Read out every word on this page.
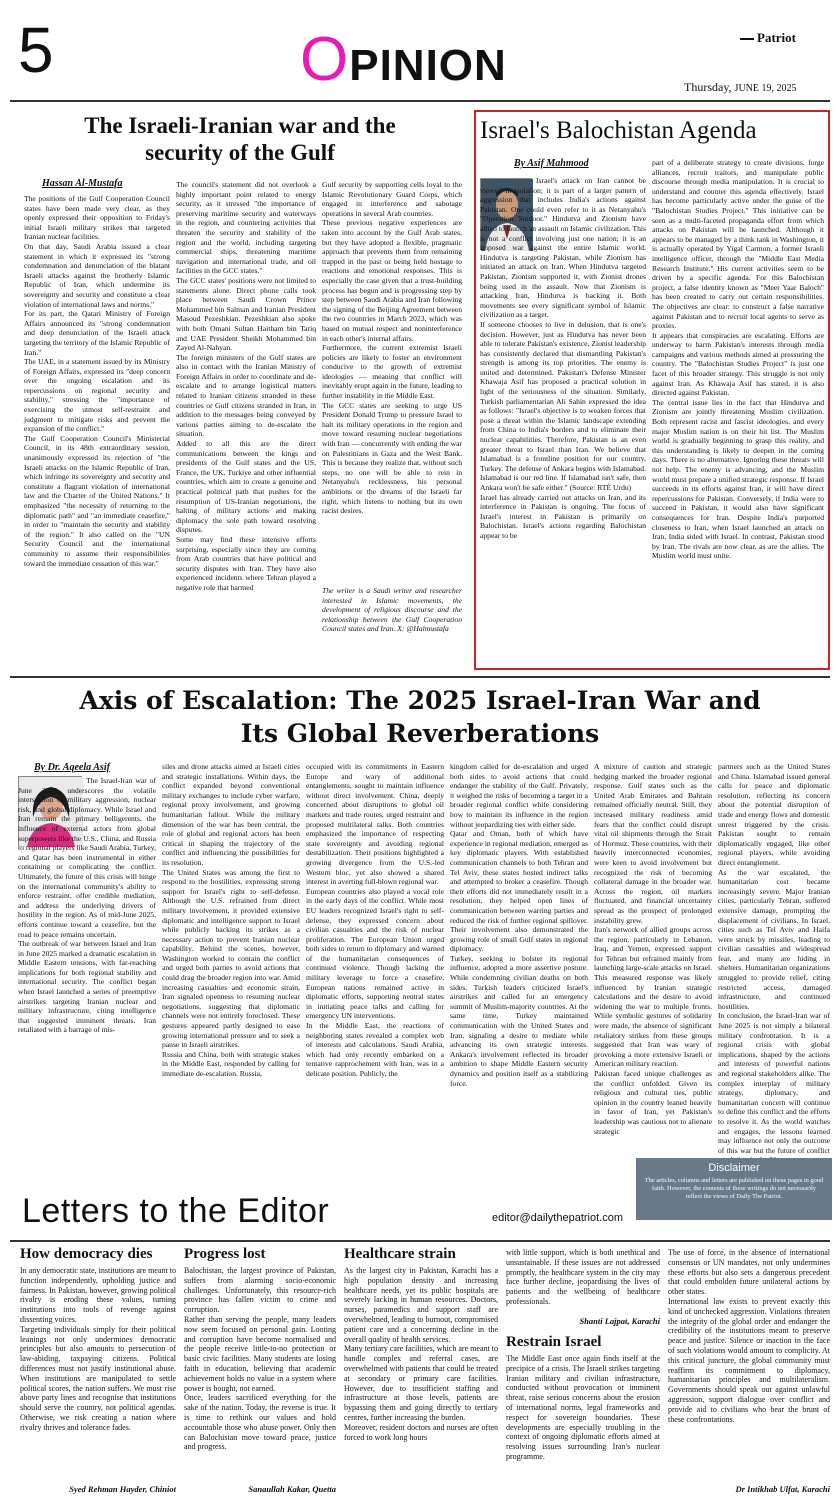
5	OPINION
Patriot
Thursday, JUNE 19, 2025
The Israeli-Iranian war and the
security of the Gulf
Hassan Al-Mustafa
The positions of the Gulf Cooperation Council states have been made very clear, as they openly expressed their opposition to Friday's initial Israeli military strikes that targeted Iranian nuclear facilities.
On that day, Saudi Arabia issued a clear statement in which it expressed its "strong condemnation and denunciation of the blatant Israeli attacks against the brotherly Islamic Republic of Iran, which undermine its sovereignty and security and constitute a clear violation of international laws and norms."
For its part, the Qatari Ministry of Foreign Affairs announced its "strong condemnation and deep denunciation of the Israeli attack targeting the territory of the Islamic Republic of Iran."
The UAE, in a statement issued by its Ministry of Foreign Affairs, expressed its "deep concern over the ongoing escalation and its repercussions on regional security and stability," stressing the "importance of exercising the utmost self-restraint and judgment to mitigate risks and prevent the expansion of the conflict."
The Gulf Cooperation Council's Ministerial Council, in its 48th extraordinary session, unanimously expressed its rejection of "the Israeli attacks on the Islamic Republic of Iran, which infringe its sovereignty and security and constitute a flagrant violation of international law and the Charter of the United Nations." It emphasized "the necessity of returning to the diplomatic path" and "an immediate ceasefire," in order to "maintain the security and stability of the region." It also called on the "UN Security Council and the international community to assume their responsibilities toward the immediate cessation of this war."
The council's statement did not overlook a highly important point related to energy security, as it stressed "the importance of preserving maritime security and waterways in the region, and countering activities that threaten the security and stability of the region and the world, including targeting commercial ships, threatening maritime navigation and international trade, and oil facilities in the GCC states."
The GCC states' positions were not limited to statements alone. Direct phone calls took place between Saudi Crown Prince Mohammed bin Salman and Iranian President Masoud Pezeshkian. Pezeshkian also spoke with both Omani Sultan Haitham bin Tariq and UAE President Sheikh Mohammed bin Zayed Al-Nahyan.
The foreign ministers of the Gulf states are also in contact with the Iranian Ministry of Foreign Affairs in order to coordinate and de-escalate and to arrange logistical matters related to Iranian citizens stranded in these countries or Gulf citizens stranded in Iran, in addition to the messages being conveyed by various parties aiming to de-escalate the situation.
Added to all this are the direct communications between the kings and presidents of the Gulf states and the US, France, the UK, Turkiye and other influential countries, which aim to create a genuine and practical political path that pushes for the resumption of US-Iranian negotiations, the halting of military actions and making diplomacy the sole path toward resolving disputes.
Some may find these intensive efforts surprising, especially since they are coming from Arab countries that have political and security disputes with Iran. They have also experienced incidents where Tehran played a negative role that harmed
Gulf security by supporting cells loyal to the Islamic Revolutionary Guard Corps, which engaged in interference and sabotage operations in several Arab countries.
These previous negative experiences are taken into account by the Gulf Arab states, but they have adopted a flexible, pragmatic approach that prevents them from remaining trapped in the past or being held hostage to reactions and emotional responses. This is especially the case given that a trust-building process has begun and is progressing step by step between Saudi Arabia and Iran following the signing of the Beijing Agreement between the two countries in March 2023, which was based on mutual respect and noninterference in each other's internal affairs.
Furthermore, the current extremist Israeli policies are likely to foster an environment conducive to the growth of extremist ideologies — meaning that conflict will inevitably erupt again in the future, leading to further instability in the Middle East.
The GCC states are seeking to urge US President Donald Trump to pressure Israel to halt its military operations in the region and move toward resuming nuclear negotiations with Iran — concurrently with ending the war on Palestinians in Gaza and the West Bank. This is because they realize that, without such steps, no one will be able to rein in Netanyahu's recklessness, his personal ambitions or the dreams of the Israeli far right, which listens to nothing but its own racist desires.
The writer is a Saudi writer and researcher interested in Islamic movements, the development of religious discourse and the relationship between the Gulf Cooperation Council states and Iran. X: @Halmustafa
Israel's Balochistan Agenda
By Asif Mahmood
Israel's attack on Iran cannot be viewed in isolation; it is part of a larger pattern of aggression that includes India's actions against Pakistan. One could even refer to it as Netanyahu's "Operation Sindoor." Hindutva and Zionism have allied to launch an assault on Islamic civilization. This is not a conflict involving just one nation; it is an imposed war against the entire Islamic world. Hindutva is targeting Pakistan, while Zionism has initiated an attack on Iran. When Hindutva targeted Pakistan, Zionism supported it, with Zionist drones being used in the assault. Now that Zionism is attacking Iran, Hindutva is backing it. Both movements see every significant symbol of Islamic civilization as a target.
If someone chooses to live in delusion, that is one's decision. However, just as Hindutva has never been able to tolerate Pakistan's existence, Zionist leadership has consistently declared that dismantling Pakistan's strength is among its top priorities. The enemy is united and determined. Pakistan's Defense Minister Khawaja Asif has proposed a practical solution in light of the seriousness of the situation. Similarly, Turkish parliamentarian Ali Sahin expressed the idea as follows: "Israel's objective is to weaken forces that pose a threat within the Islamic landscape extending from China to India's borders and to eliminate their nuclear capabilities. Therefore, Pakistan is an even greater threat to Israel than Iran. We believe that Islamabad is a frontline position for our country, Turkey. The defense of Ankara begins with Islamabad. Islamabad is our red line. If Islamabad isn't safe, then Ankara won't be safe either." (Source: RTÉ Urdu)
Israel has already carried out attacks on Iran, and its interference in Pakistan is ongoing. The focus of Israel's interest in Pakistan is primarily on Balochistan. Israel's actions regarding Balochistan appear to be
part of a deliberate strategy to create divisions, forge alliances, recruit traitors, and manipulate public discourse through media manipulation. It is crucial to understand and counter this agenda effectively. Israel has become particularly active under the guise of the "Balochistan Studies Project." This initiative can be seen as a multi-faceted propaganda effort from which attacks on Pakistan will be launched. Although it appears to be managed by a think tank in Washington, it is actually operated by Yigal Carmon, a former Israeli intelligence officer, through the "Middle East Media Research Institute." His current activities seem to be driven by a specific agenda. For this Balochistan project, a false identity known as "Meer Yaar Baloch" has been created to carry out certain responsibilities. The objectives are clear: to construct a false narrative against Pakistan and to recruit local agents to serve as proxies.
It appears that conspiracies are escalating. Efforts are underway to harm Pakistan's interests through media campaigns and various methods aimed at pressuring the country. The "Balochistan Studies Project" is just one facet of this broader strategy. This struggle is not only against Iran. As Khawaja Asif has stated, it is also directed against Pakistan.
The central issue lies in the fact that Hindutva and Zionism are jointly threatening Muslim civilization. Both represent racist and fascist ideologies, and every major Muslim nation is on their hit list. The Muslim world is gradually beginning to grasp this reality, and this understanding is likely to deepen in the coming days. There is no alternative. Ignoring these threats will not help. The enemy is advancing, and the Muslim world must prepare a unified strategic response. If Israel succeeds in its efforts against Iran, it will have direct repercussions for Pakistan. Conversely, if India were to succeed in Pakistan, it would also have significant consequences for Iran. Despite India's purported closeness to Iran, when Israel launched an attack on Iran, India sided with Israel. In contrast, Pakistan stood by Iran. The rivals are now clear, as are the allies. The Muslim world must unite.
Axis of Escalation: The 2025 Israel-Iran War and
Its Global Reverberations
By Dr. Aqeela Asif
The Israel-Iran war of June 2025 underscores the volatile intersection of military aggression, nuclear risk, and global diplomacy. While Israel and Iran remain the primary belligerents, the influence of external actors from global superpowers like the U.S., China, and Russia to regional players like Saudi Arabia, Turkey, and Qatar has been instrumental in either containing or complicating the conflict. Ultimately, the future of this crisis will hinge on the international community's ability to enforce restraint, offer credible mediation, and address the underlying drivers of hostility in the region. As of mid-June 2025, efforts continue toward a ceasefire, but the road to peace remains uncertain.
The outbreak of war between Israel and Iran in June 2025 marked a dramatic escalation in Middle Eastern tensions, with far-reaching implications for both regional stability and international security. The conflict began when Israel launched a series of preemptive airstrikes targeting Iranian nuclear and military infrastructure, citing intelligence that suggested imminent threats. Iran retaliated with a barrage of mis-
siles and drone attacks aimed at Israeli cities and strategic installations. Within days, the conflict expanded beyond conventional military exchanges to include cyber warfare, regional proxy involvement, and growing humanitarian fallout. While the military dimension of the war has been central, the role of global and regional actors has been critical in shaping the trajectory of the conflict and influencing the possibilities for its resolution.
The United States was among the first to respond to the hostilities, expressing strong support for Israel's right to self-defense. Although the U.S. refrained from direct military involvement, it provided extensive diplomatic and intelligence support to Israel while publicly backing its strikes as a necessary action to prevent Iranian nuclear capability. Behind the scenes, however, Washington worked to contain the conflict and urged both parties to avoid actions that could drag the broader region into war. Amid increasing casualties and economic strain, Iran signaled openness to resuming nuclear negotiations, suggesting that diplomatic channels were not entirely foreclosed. These gestures appeared partly designed to ease growing international pressure and to seek a pause in Israeli airstrikes.
Russia and China, both with strategic stakes in the Middle East, responded by calling for immediate de-escalation. Russia,
occupied with its commitments in Eastern Europe and wary of additional entanglements, sought to maintain influence without direct involvement. China, deeply concerned about disruptions to global oil markets and trade routes, urged restraint and proposed multilateral talks. Both countries emphasized the importance of respecting state sovereignty and avoiding regional destabilization. Their positions highlighted a growing divergence from the U.S.-led Western bloc, yet also showed a shared interest in averting full-blown regional war.
European countries also played a vocal role in the early days of the conflict. While most EU leaders recognized Israel's right to self-defense, they expressed concern about civilian casualties and the risk of nuclear proliferation. The European Union urged both sides to return to diplomacy and warned of the humanitarian consequences of continued violence. Though lacking the military leverage to force a ceasefire, European nations remained active in diplomatic efforts, supporting neutral states in initiating peace talks and calling for emergency UN interventions.
In the Middle East, the reactions of neighboring states revealed a complex web of interests and calculations. Saudi Arabia, which had only recently embarked on a tentative rapprochement with Iran, was in a delicate position. Publicly, the
kingdom called for de-escalation and urged both sides to avoid actions that could endanger the stability of the Gulf. Privately, it weighed the risks of becoming a target in a broader regional conflict while considering how to maintain its influence in the region without jeopardizing ties with either side.
Qatar and Oman, both of which have experience in regional mediation, emerged as key diplomatic players. With established communication channels to both Tehran and Tel Aviv, these states hosted indirect talks and attempted to broker a ceasefire. Though their efforts did not immediately result in a resolution, they helped open lines of communication between warring parties and reduced the risk of further regional spillover. Their involvement also demonstrated the growing role of small Gulf states in regional diplomacy.
Turkey, seeking to bolster its regional influence, adopted a more assertive posture. While condemning civilian deaths on both sides, Turkish leaders criticized Israel's airstrikes and called for an emergency summit of Muslim-majority countries. At the same time, Turkey maintained communication with the United States and Iran, signaling a desire to mediate while advancing its own strategic interests. Ankara's involvement reflected its broader ambition to shape Middle Eastern security dynamics and position itself as a stabilizing force.
A mixture of caution and strategic hedging marked the broader regional response. Gulf states such as the United Arab Emirates and Bahrain remained officially neutral. Still, they increased military readiness amid fears that the conflict could disrupt vital oil shipments through the Strait of Hormuz. These countries, with their heavily interconnected economies, were keen to avoid involvement but recognized the risk of becoming collateral damage in the broader war. Across the region, oil markets fluctuated, and financial uncertainty spread as the prospect of prolonged instability grew.
Iran's network of allied groups across the region, particularly in Lebanon, Iraq, and Yemen, expressed support for Tehran but refrained mainly from launching large-scale attacks on Israel. This measured response was likely influenced by Iranian strategic calculations and the desire to avoid widening the war to multiple fronts. While symbolic gestures of solidarity were made, the absence of significant retaliatory strikes from these groups suggested that Iran was wary of provoking a more extensive Israeli or American military reaction.
Pakistan faced unique challenges as the conflict unfolded. Given its religious and cultural ties, public opinion in the country leaned heavily in favor of Iran, yet Pakistan's leadership was cautious not to alienate strategic
partners such as the United States and China. Islamabad issued general calls for peace and diplomatic resolution, reflecting its concern about the potential disruption of trade and energy flows and domestic unrest triggered by the crisis. Pakistan sought to remain diplomatically engaged, like other regional players, while avoiding direct entanglement.
As the war escalated, the humanitarian cost became increasingly severe. Major Iranian cities, particularly Tehran, suffered extensive damage, prompting the displacement of civilians. In Israel, cities such as Tel Aviv and Haifa were struck by missiles, leading to civilian casualties and widespread fear, and many are hiding in shelters. Humanitarian organizations struggled to provide relief, citing restricted access, damaged infrastructure, and continued hostilities.
In conclusion, the Israel-Iran war of June 2025 is not simply a bilateral military confrontation. It is a regional crisis with global implications, shaped by the actions and interests of powerful nations and regional stakeholders alike. The complex interplay of military strategy, diplomacy, and humanitarian concern will continue to define this conflict and the efforts to resolve it. As the world watches and engages, the lessons learned may influence not only the outcome of this war but the future of conflict
Disclaimer
The articles, columns and letters are published on these pages in good faith. However, the contents of these writings do not necessarily reflect the views of Daily The Patriot.
Letters to the Editor	editor@dailythepatriot.com
How democracy dies
In any democratic state, institutions are meant to function independently, upholding justice and fairness. In Pakistan, however, growing political rivalry is eroding these values, turning institutions into tools of revenge against dissenting voices.
Targeting individuals simply for their political leanings not only undermines democratic principles but also amounts to persecution of law-abiding, taxpaying citizens. Political differences must not justify institutional abuse. When institutions are manipulated to settle political scores, the nation suffers. We must rise above party lines and recognise that institutions should serve the country, not political agendas. Otherwise, we risk creating a nation where rivalry thrives and tolerance fades.
Syed Rehman Hayder, Chiniot
Progress lost
Balochistan, the largest province of Pakistan, suffers from alarming socio-economic challenges. Unfortunately, this resource-rich province has fallen victim to crime and corruption.
Rather than serving the people, many leaders now seem focused on personal gain. Looting and corruption have become normalised and the people receive little-to-no protection or basic civic facilities. Many students are losing faith in education, believing that academic achievement holds no value in a system where power is bought, not earned.
Once, leaders sacrificed everything for the sake of the nation. Today, the reverse is true. It is time to rethink our values and hold accountable those who abuse power. Only then can Balochistan move toward peace, justice and progress.
Sanaullah Kakar, Quetta
Healthcare strain
As the largest city in Pakistan, Karachi has a high population density and increasing healthcare needs, yet its public hospitals are severely lacking in human resources. Doctors, nurses, paramedics and support staff are overwhelmed, leading to burnout, compromised patient care and a concerning decline in the overall quality of health services.
Many tertiary care facilities, which are meant to handle complex and referral cases, are overwhelmed with patients that could be treated at secondary or primary care facilities. However, due to insufficient staffing and infrastructure at those levels, patients are bypassing them and going directly to tertiary centres, further increasing the burden.
Moreover, resident doctors and nurses are often forced to work long hours
with little support, which is both unethical and unsustainable. If these issues are not addressed promptly, the healthcare system in the city may face further decline, jeopardising the lives of patients and the wellbeing of healthcare professionals.
Shanti Lajpat, Karachi
Restrain Israel
The Middle East once again finds itself at the precipice of a crisis. The Israeli strikes targeting Iranian military and civilian infrastructure, conducted without provocation or imminent threat, raise serious concerns about the erosion of international norms, legal frameworks and respect for sovereign boundaries. These developments are especially troubling in the context of ongoing diplomatic efforts aimed at resolving issues surrounding Iran's nuclear programme.
The use of force, in the absence of international consensus or UN mandates, not only undermines these efforts but also sets a dangerous precedent that could embolden future unilateral actions by other states.
International law exists to prevent exactly this kind of unchecked aggression. Violations threaten the integrity of the global order and endanger the credibility of the institutions meant to preserve peace and justice. Silence or inaction in the face of such violations would amount to complicity. At this critical juncture, the global community must reaffirm its commitment to diplomacy, humanitarian principles and multilateralism. Governments should speak out against unlawful aggression, support dialogue over conflict and provide aid to civilians who bear the brunt of these confrontations.
Dr Intikhab Ulfat, Karachi
